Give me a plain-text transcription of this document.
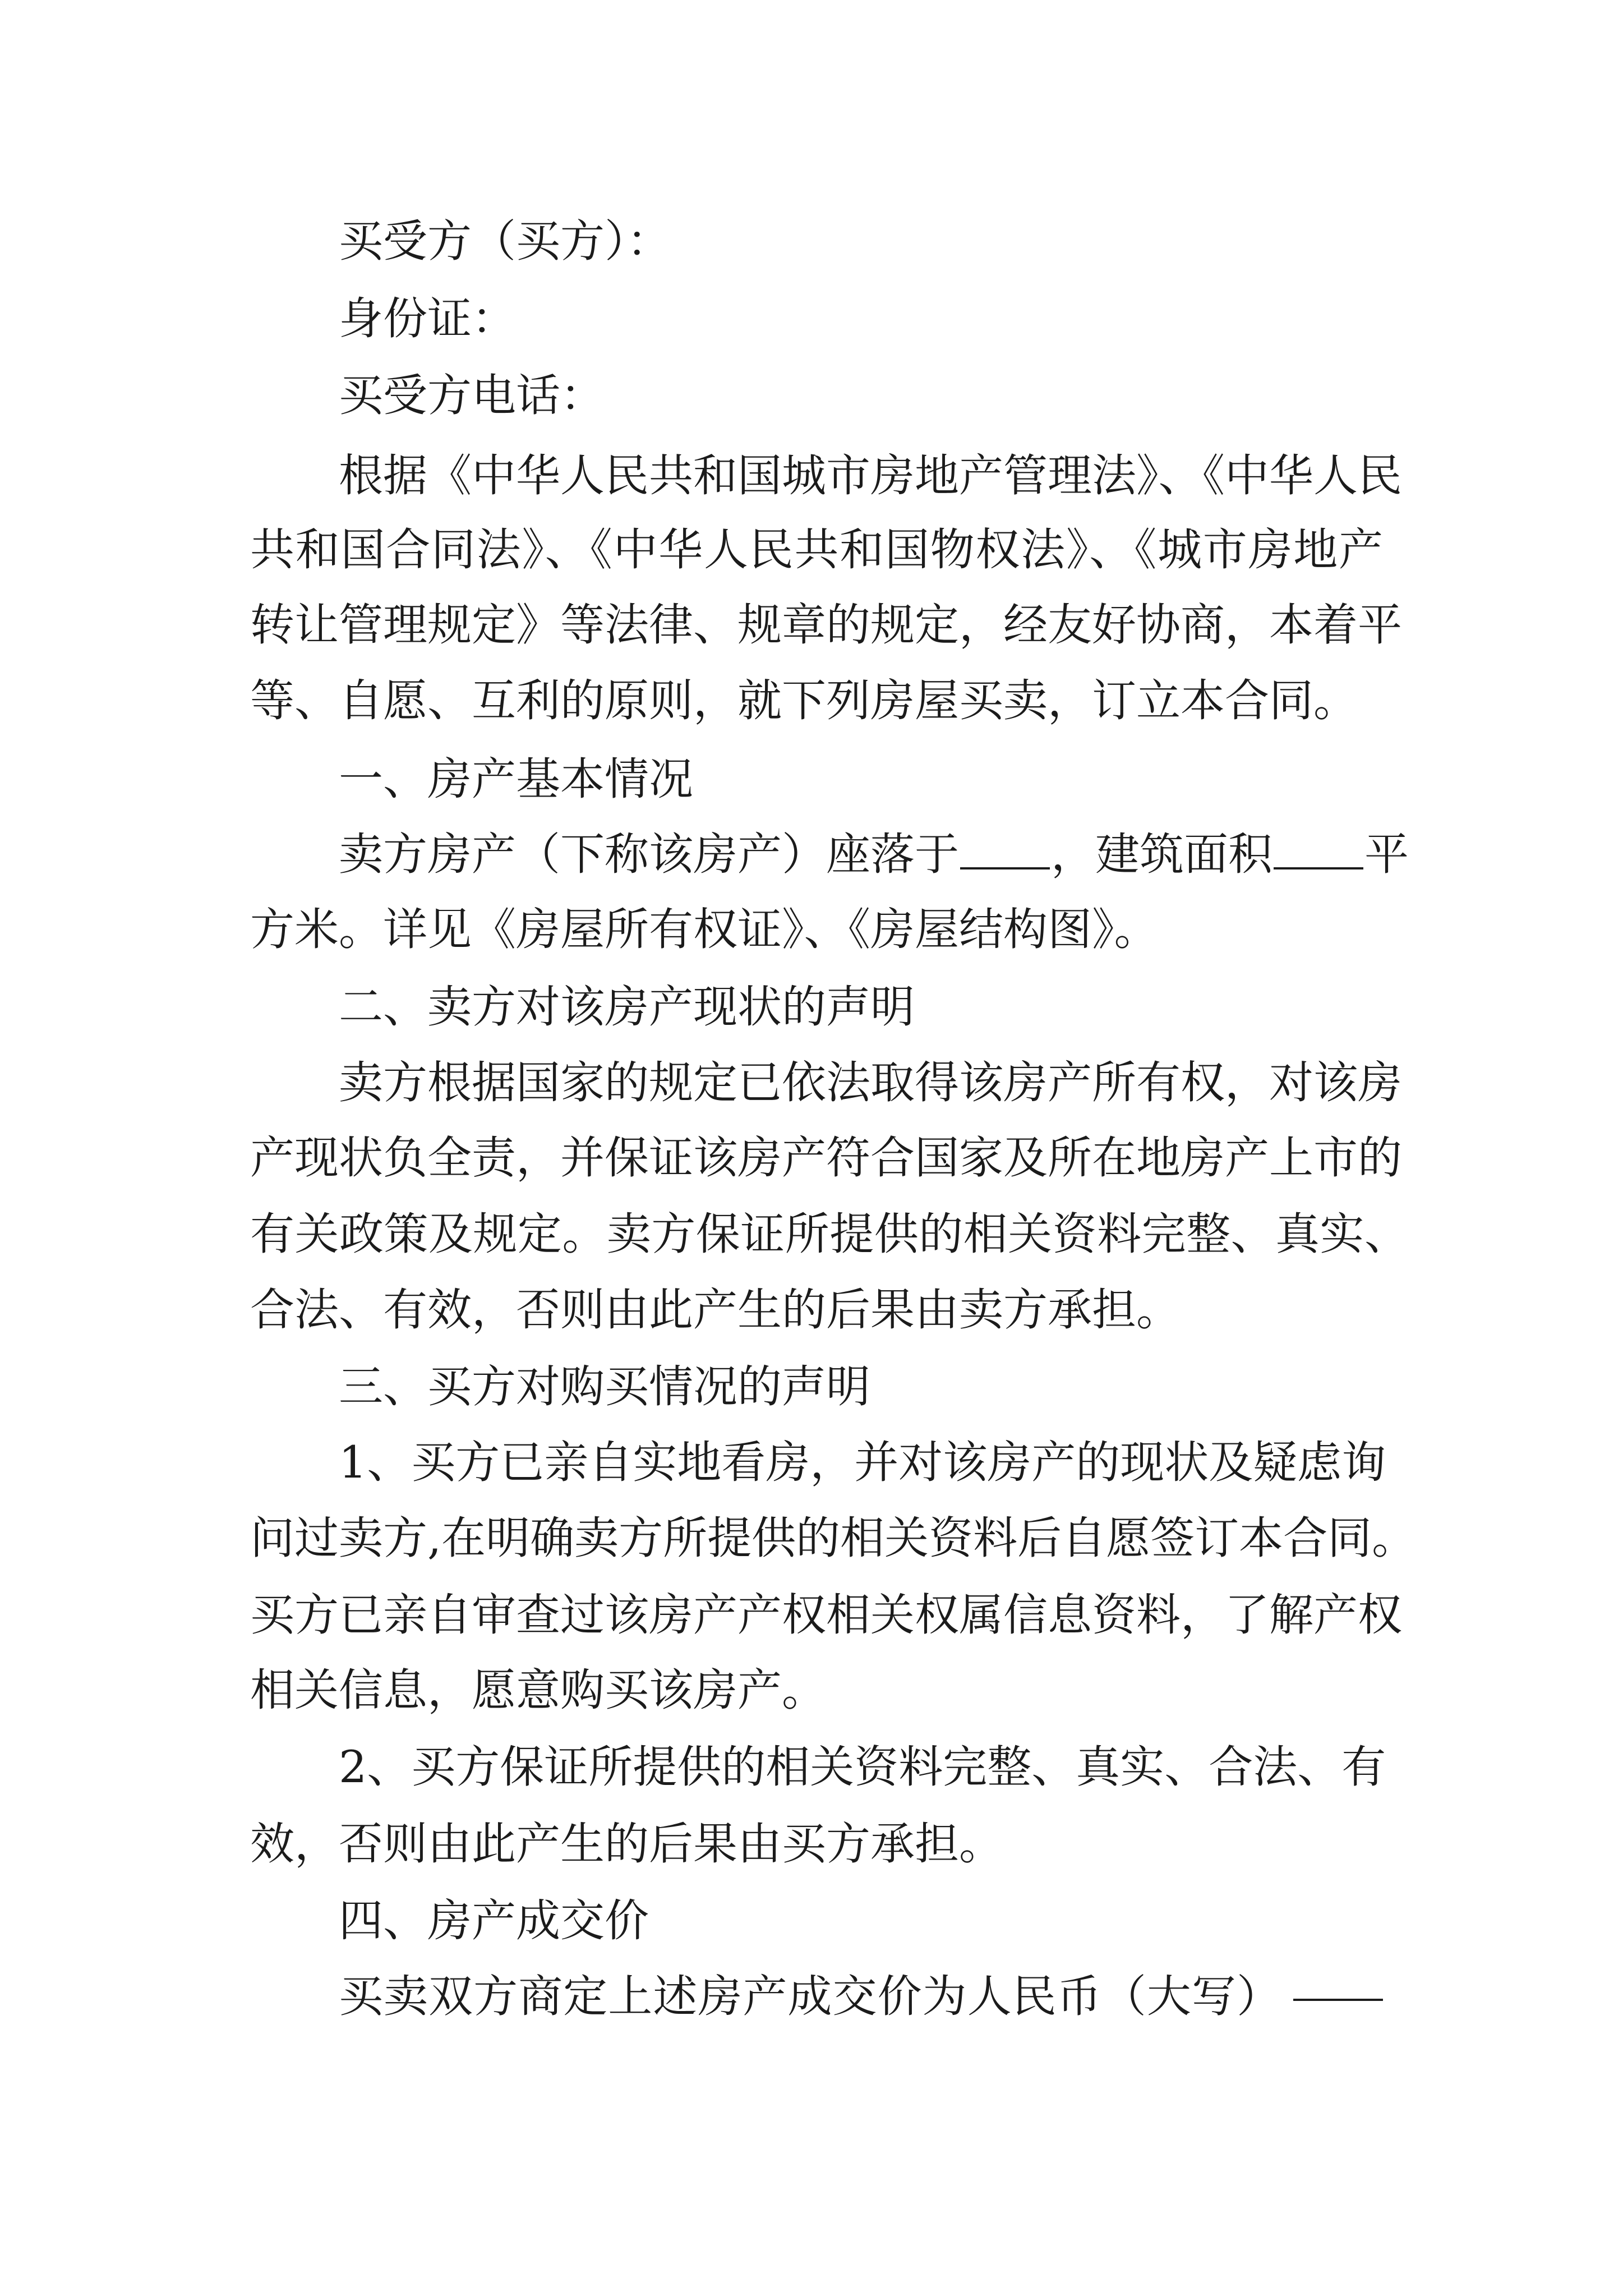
买受方（买方）：

身份证：

买受方电话：

根据《中华人民共和国城市房地产管理法》、《中华人民

共和国合同法》、《中华人民共和国物权法》、《城市房地产

转让管理规定》等法律、规章的规定，经友好协商，本着平

等、自愿、互利的原则，就下列房屋买卖，订立本合同。

一、房产基本情况

卖方房产（下称该房产）座落于 ，建筑面积 平

方米。详见《房屋所有权证》、《房屋结构图》。

二、卖方对该房产现状的声明

卖方根据国家的规定已依法取得该房产所有权，对该房

产现状负全责，并保证该房产符合国家及所在地房产上市的

有关政策及规定。卖方保证所提供的相关资料完整、真实、

合法、有效，否则由此产生的后果由卖方承担。

三、买方对购买情况的声明

1、买方已亲自实地看房，并对该房产的现状及疑虑询

问过卖方,在明确卖方所提供的相关资料后自愿签订本合同。

买方已亲自审查过该房产产权相关权属信息资料，了解产权

相关信息，愿意购买该房产。

2、买方保证所提供的相关资料完整、真实、合法、有

效，否则由此产生的后果由买方承担。

四、房产成交价

买卖双方商定上述房产成交价为人民币（大写）
